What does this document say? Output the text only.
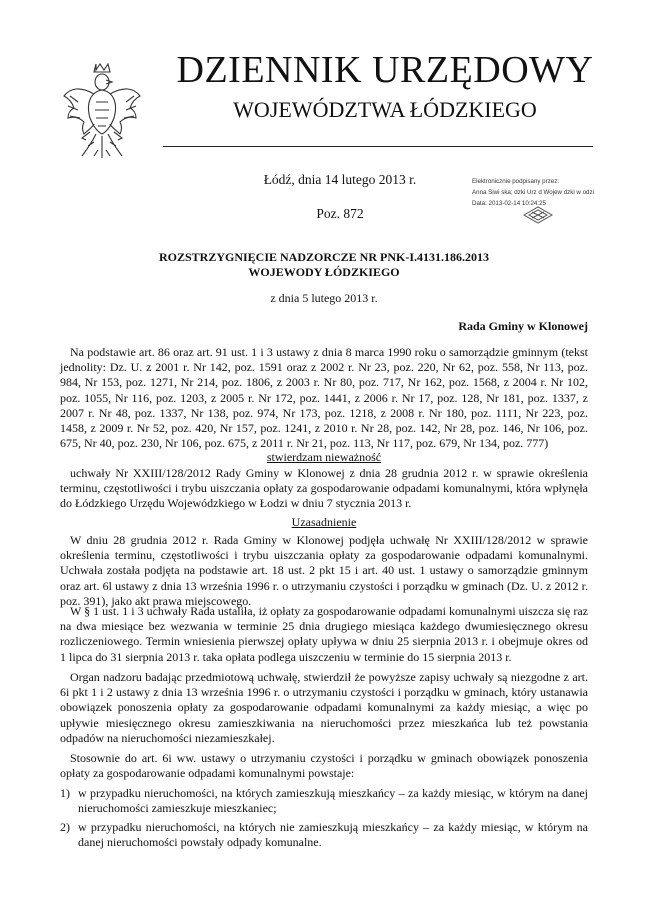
DZIENNIK URZĘDOWY
WOJEWÓDZTWA ŁÓDZKIEGO
Łódź, dnia 14 lutego 2013 r.
Poz. 872
Elektronicznie podpisany przez:
Anna Siwi ska; dzki Urz d Wojew dzki w odzi
Data: 2013-02-14 10:24:25
ROZSTRZYGNIĘCIE NADZORCZE NR PNK-I.4131.186.2013
WOJEWODY ŁÓDZKIEGO
z dnia 5 lutego 2013 r.
Rada Gminy w Klonowej
Na podstawie art. 86 oraz art. 91 ust. 1 i 3 ustawy z dnia 8 marca 1990 roku o samorządzie gminnym (tekst jednolity: Dz. U. z 2001 r. Nr 142, poz. 1591 oraz z 2002 r. Nr 23, poz. 220, Nr 62, poz. 558, Nr 113, poz. 984, Nr 153, poz. 1271, Nr 214, poz. 1806, z 2003 r. Nr 80, poz. 717, Nr 162, poz. 1568, z 2004 r. Nr 102, poz. 1055, Nr 116, poz. 1203, z 2005 r. Nr 172, poz. 1441, z 2006 r. Nr 17, poz. 128, Nr 181, poz. 1337, z 2007 r. Nr 48, poz. 1337, Nr 138, poz. 974, Nr 173, poz. 1218, z 2008 r. Nr 180, poz. 1111, Nr 223, poz. 1458, z 2009 r. Nr 52, poz. 420, Nr 157, poz. 1241, z 2010 r. Nr 28, poz. 142, Nr 28, poz. 146, Nr 106, poz. 675, Nr 40, poz. 230, Nr 106, poz. 675, z 2011 r. Nr 21, poz. 113, Nr 117, poz. 679, Nr 134, poz. 777)
stwierdzam nieważność
uchwały Nr XXIII/128/2012 Rady Gminy w Klonowej z dnia 28 grudnia 2012 r. w sprawie określenia terminu, częstotliwości i trybu uiszczania opłaty za gospodarowanie odpadami komunalnymi, która wpłynęła do Łódzkiego Urzędu Wojewódzkiego w Łodzi w dniu 7 stycznia 2013 r.
Uzasadnienie
W dniu 28 grudnia 2012 r. Rada Gminy w Klonowej podjęła uchwałę Nr XXIII/128/2012 w sprawie określenia terminu, częstotliwości i trybu uiszczania opłaty za gospodarowanie odpadami komunalnymi. Uchwała została podjęta na podstawie art. 18 ust. 2 pkt 15 i art. 40 ust. 1 ustawy o samorządzie gminnym oraz art. 6l ustawy z dnia 13 września 1996 r. o utrzymaniu czystości i porządku w gminach (Dz. U. z 2012 r. poz. 391), jako akt prawa miejscowego.
W § 1 ust. 1 i 3 uchwały Rada ustaliła, iż opłaty za gospodarowanie odpadami komunalnymi uiszcza się raz na dwa miesiące bez wezwania w terminie 25 dnia drugiego miesiąca każdego dwumiesięcznego okresu rozliczeniowego. Termin wniesienia pierwszej opłaty upływa w dniu 25 sierpnia 2013 r. i obejmuje okres od 1 lipca do 31 sierpnia 2013 r. taka opłata podlega uiszczeniu w terminie do 15 sierpnia 2013 r.
Organ nadzoru badając przedmiotową uchwałę, stwierdził że powyższe zapisy uchwały są niezgodne z art. 6i pkt 1 i 2 ustawy z dnia 13 września 1996 r. o utrzymaniu czystości i porządku w gminach, który ustanawia obowiązek ponoszenia opłaty za gospodarowanie odpadami komunalnymi za każdy miesiąc, a więc po upływie miesięcznego okresu zamieszkiwania na nieruchomości przez mieszkańca lub też powstania odpadów na nieruchomości niezamieszkałej.
Stosownie do art. 6i ww. ustawy o utrzymaniu czystości i porządku w gminach obowiązek ponoszenia opłaty za gospodarowanie odpadami komunalnymi powstaje:
1) w przypadku nieruchomości, na których zamieszkują mieszkańcy – za każdy miesiąc, w którym na danej nieruchomości zamieszkuje mieszkaniec;
2) w przypadku nieruchomości, na których nie zamieszkują mieszkańcy – za każdy miesiąc, w którym na danej nieruchomości powstały odpady komunalne.
